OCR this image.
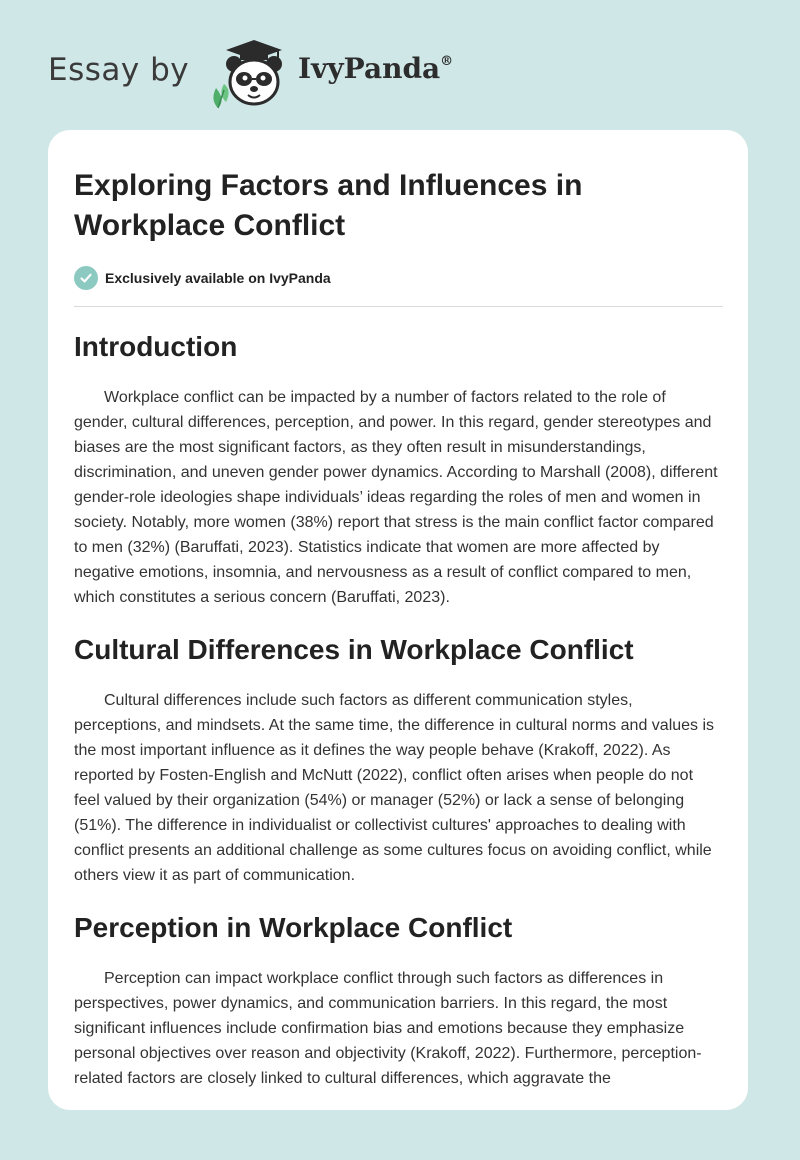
Essay by	IvyPanda®
Exploring Factors and Influences in Workplace Conflict
Exclusively available on IvyPanda
Introduction

Workplace conflict can be impacted by a number of factors related to the role of gender, cultural differences, perception, and power. In this regard, gender stereotypes and biases are the most significant factors, as they often result in misunderstandings, discrimination, and uneven gender power dynamics. According to Marshall (2008), different gender-role ideologies shape individuals’ ideas regarding the roles of men and women in society. Notably, more women (38%) report that stress is the main conflict factor compared to men (32%) (Baruffati, 2023). Statistics indicate that women are more affected by negative emotions, insomnia, and nervousness as a result of conflict compared to men, which constitutes a serious concern (Baruffati, 2023).

Cultural Differences in Workplace Conflict

Cultural differences include such factors as different communication styles, perceptions, and mindsets. At the same time, the difference in cultural norms and values is the most important influence as it defines the way people behave (Krakoff, 2022). As reported by Fosten-English and McNutt (2022), conflict often arises when people do not feel valued by their organization (54%) or manager (52%) or lack a sense of belonging (51%). The difference in individualist or collectivist cultures' approaches to dealing with conflict presents an additional challenge as some cultures focus on avoiding conflict, while others view it as part of communication.

Perception in Workplace Conflict

Perception can impact workplace conflict through such factors as differences in perspectives, power dynamics, and communication barriers. In this regard, the most significant influences include confirmation bias and emotions because they emphasize personal objectives over reason and objectivity (Krakoff, 2022). Furthermore, perception-related factors are closely linked to cultural differences, which aggravate the
